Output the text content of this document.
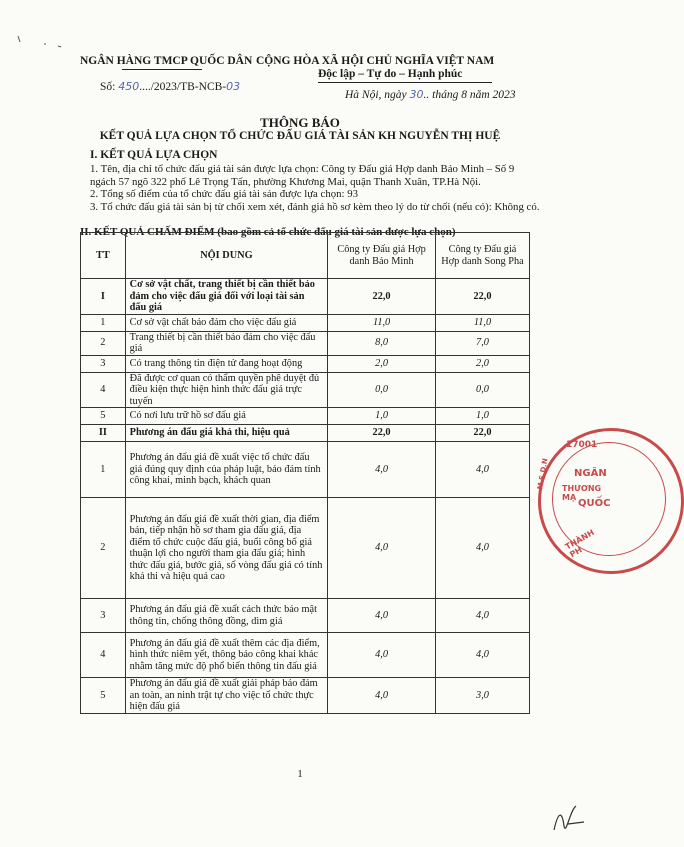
NGÂN HÀNG TMCP QUỐC DÂN
Số: 450..../2023/TB-NCB-03
CỘNG HÒA XÃ HỘI CHỦ NGHĨA VIỆT NAM
Độc lập – Tự do – Hạnh phúc
Hà Nội, ngày 30.. tháng 8 năm 2023
THÔNG BÁO
KẾT QUẢ LỰA CHỌN TỔ CHỨC ĐẤU GIÁ TÀI SẢN KH NGUYỄN THỊ HUỆ
I. KẾT QUẢ LỰA CHỌN
1. Tên, địa chỉ tổ chức đấu giá tài sản được lựa chọn: Công ty Đấu giá Hợp danh Bảo Minh – Số 9 ngách 57 ngõ 322 phố Lê Trọng Tấn, phường Khương Mai, quận Thanh Xuân, TP.Hà Nội.
2. Tổng số điểm của tổ chức đấu giá tài sản được lựa chọn: 93
3. Tổ chức đấu giá tài sản bị từ chối xem xét, đánh giá hồ sơ kèm theo lý do từ chối (nếu có): Không có.
II. KẾT QUẢ CHẤM ĐIỂM (bao gồm cả tổ chức đấu giá tài sản được lựa chọn)
TT	NỘI DUNG	Công ty Đấu giá Hợp danh Bảo Minh	Công ty Đấu giá Hợp danh Song Pha
I	Cơ sở vật chất, trang thiết bị cần thiết bảo đảm cho việc đấu giá đối với loại tài sản đấu giá	22,0	22,0
1	Cơ sở vật chất bảo đảm cho việc đấu giá	11,0	11,0
2	Trang thiết bị cần thiết bảo đảm cho việc đấu giá	8,0	7,0
3	Có trang thông tin điện tử đang hoạt động	2,0	2,0
4	Đã được cơ quan có thẩm quyền phê duyệt đủ điều kiện thực hiện hình thức đấu giá trực tuyến	0,0	0,0
5	Có nơi lưu trữ hồ sơ đấu giá	1,0	1,0
II	Phương án đấu giá khả thi, hiệu quả	22,0	22,0
1	Phương án đấu giá đề xuất việc tổ chức đấu giá đúng quy định của pháp luật, bảo đảm tính công khai, minh bạch, khách quan	4,0	4,0
2	Phương án đấu giá đề xuất thời gian, địa điểm bán, tiếp nhận hồ sơ tham gia đấu giá, địa điểm tổ chức cuộc đấu giá, buổi công bố giá thuận lợi cho người tham gia đấu giá; hình thức đấu giá, bước giá, số vòng đấu giá có tính khả thi và hiệu quả cao	4,0	4,0
3	Phương án đấu giá đề xuất cách thức bảo mật thông tin, chống thông đồng, dìm giá	4,0	4,0
4	Phương án đấu giá đề xuất thêm các địa điểm, hình thức niêm yết, thông báo công khai khác nhằm tăng mức độ phổ biến thông tin đấu giá	4,0	4,0
5	Phương án đấu giá đề xuất giải pháp bảo đảm an toàn, an ninh trật tự cho việc tổ chức thực hiện đấu giá	4,0	3,0
1
17001
NGÂN
THƯƠNG MẠ
QUỐC
THÀNH PH
M.S.D.N
